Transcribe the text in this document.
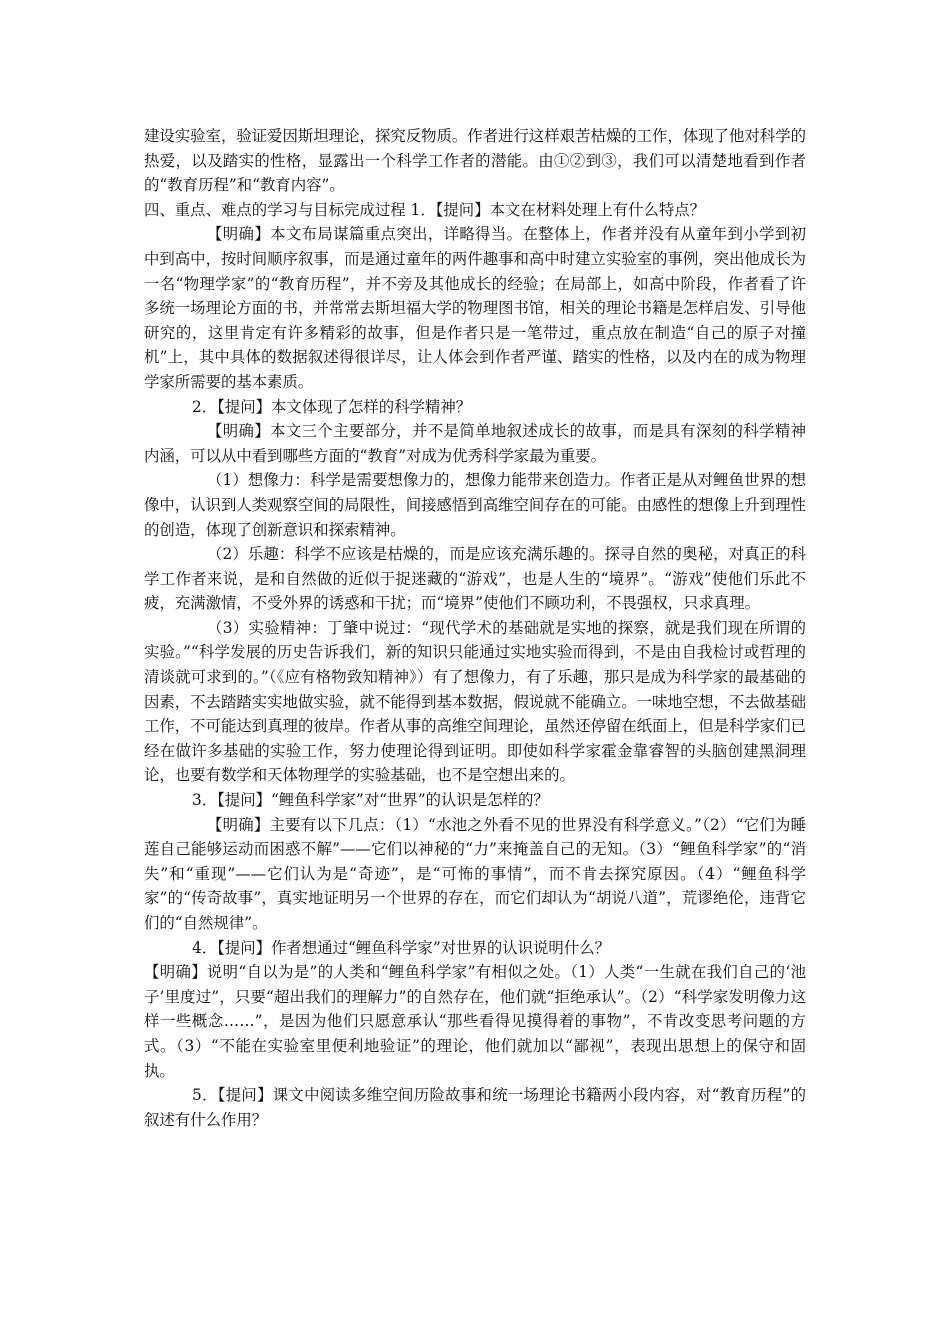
建设实验室，验证爱因斯坦理论，探究反物质。作者进行这样艰苦枯燥的工作，体现了他对科学的热爱，以及踏实的性格，显露出一个科学工作者的潜能。由①②到③，我们可以清楚地看到作者的“教育历程”和“教育内容”。

四、重点、难点的学习与目标完成过程 1．【提问】本文在材料处理上有什么特点？

【明确】本文布局谋篇重点突出，详略得当。在整体上，作者并没有从童年到小学到初中到高中，按时间顺序叙事，而是通过童年的两件趣事和高中时建立实验室的事例，突出他成长为一名“物理学家”的“教育历程”，并不旁及其他成长的经验；在局部上，如高中阶段，作者看了许多统一场理论方面的书，并常常去斯坦福大学的物理图书馆，相关的理论书籍是怎样启发、引导他研究的，这里肯定有许多精彩的故事，但是作者只是一笔带过，重点放在制造“自己的原子对撞机”上，其中具体的数据叙述得很详尽，让人体会到作者严谨、踏实的性格，以及内在的成为物理学家所需要的基本素质。

2．【提问】本文体现了怎样的科学精神？

【明确】本文三个主要部分，并不是简单地叙述成长的故事，而是具有深刻的科学精神内涵，可以从中看到哪些方面的“教育”对成为优秀科学家最为重要。

（1）想像力：科学是需要想像力的，想像力能带来创造力。作者正是从对鲤鱼世界的想像中，认识到人类观察空间的局限性，间接感悟到高维空间存在的可能。由感性的想像上升到理性的创造，体现了创新意识和探索精神。

（2）乐趣：科学不应该是枯燥的，而是应该充满乐趣的。探寻自然的奥秘，对真正的科学工作者来说，是和自然做的近似于捉迷藏的“游戏”，也是人生的“境界”。“游戏”使他们乐此不疲，充满激情，不受外界的诱惑和干扰；而“境界”使他们不顾功利，不畏强权，只求真理。

（3）实验精神：丁肇中说过：“现代学术的基础就是实地的探察，就是我们现在所谓的实验。”“科学发展的历史告诉我们，新的知识只能通过实地实验而得到，不是由自我检讨或哲理的清谈就可求到的。”（《应有格物致知精神》）有了想像力，有了乐趣，那只是成为科学家的最基础的因素，不去踏踏实实地做实验，就不能得到基本数据，假说就不能确立。一味地空想，不去做基础工作，不可能达到真理的彼岸。作者从事的高维空间理论，虽然还停留在纸面上，但是科学家们已经在做许多基础的实验工作，努力使理论得到证明。即使如科学家霍金靠睿智的头脑创建黑洞理论，也要有数学和天体物理学的实验基础，也不是空想出来的。

3．【提问】“鲤鱼科学家”对“世界”的认识是怎样的？

【明确】主要有以下几点：（1）“水池之外看不见的世界没有科学意义。”（2）“它们为睡莲自己能够运动而困惑不解”——它们以神秘的“力”来掩盖自己的无知。（3）“鲤鱼科学家”的“消失”和“重现”——它们认为是“奇迹”，是“可怖的事情”，而不肯去探究原因。（4）“鲤鱼科学家”的“传奇故事”，真实地证明另一个世界的存在，而它们却认为“胡说八道”，荒谬绝伦，违背它们的“自然规律”。

4．【提问】作者想通过“鲤鱼科学家”对世界的认识说明什么？

【明确】说明“自以为是”的人类和“鲤鱼科学家”有相似之处。（1）人类“一生就在我们自己的‘池子’里度过”，只要“超出我们的理解力”的自然存在，他们就“拒绝承认”。（2）“科学家发明像力这样一些概念……”，是因为他们只愿意承认“那些看得见摸得着的事物”，不肯改变思考问题的方式。（3）“不能在实验室里便利地验证”的理论，他们就加以“鄙视”，表现出思想上的保守和固执。

5．【提问】课文中阅读多维空间历险故事和统一场理论书籍两小段内容，对“教育历程”的叙述有什么作用？
